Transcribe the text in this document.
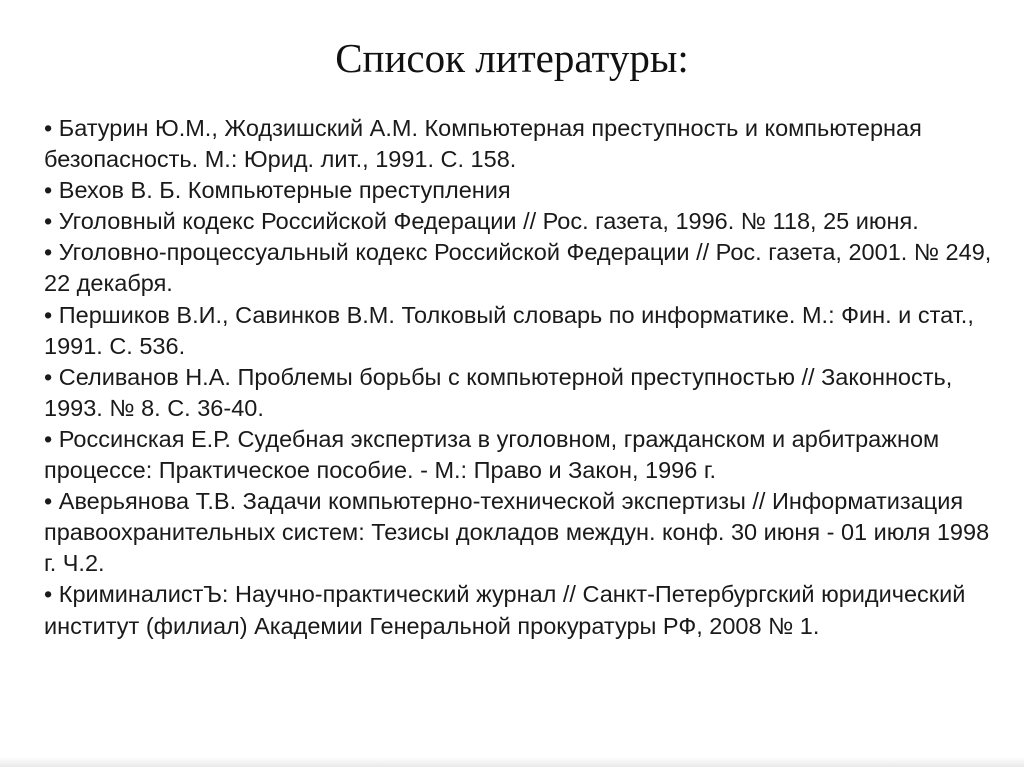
Список литературы:
• Батурин Ю.М., Жодзишский А.М. Компьютерная преступность и компьютерная безопасность. М.: Юрид. лит., 1991. С. 158.
• Вехов В. Б. Компьютерные преступления
• Уголовный кодекс Российской Федерации // Рос. газета, 1996. № 118, 25 июня.
• Уголовно-процессуальный кодекс Российской Федерации // Рос. газета, 2001. № 249, 22 декабря.
• Першиков В.И., Савинков В.М. Толковый словарь по информатике. М.: Фин. и стат., 1991. С. 536.
• Селиванов Н.А. Проблемы борьбы с компьютерной преступностью // Законность, 1993. № 8. С. 36-40.
• Россинская Е.Р. Судебная экспертиза в уголовном, гражданском и арбитражном процессе: Практическое пособие. - М.: Право и Закон, 1996 г.
• Аверьянова Т.В. Задачи компьютерно-технической экспертизы // Информатизация правоохранительных систем: Тезисы докладов междун. конф. 30 июня - 01 июля 1998 г. Ч.2.
• КриминалистЪ: Научно-практический журнал // Санкт-Петербургский юридический институт (филиал) Академии Генеральной прокуратуры РФ, 2008 № 1.
